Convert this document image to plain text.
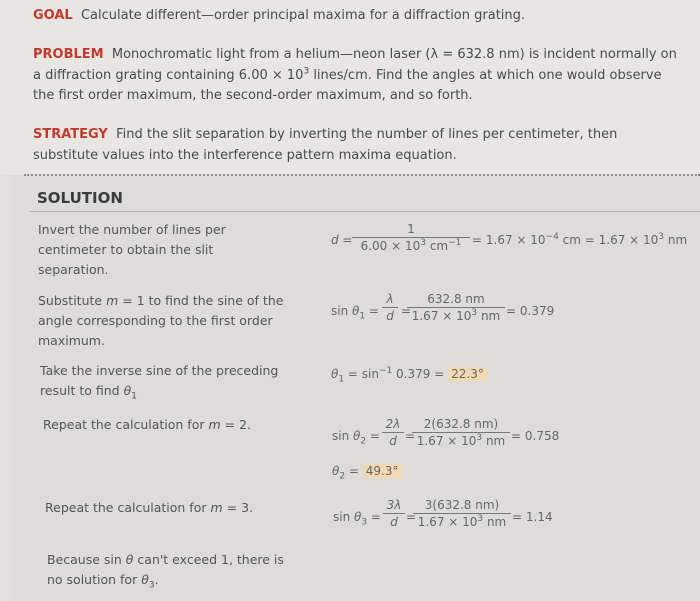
GOAL Calculate different—order principal maxima for a diffraction grating.

PROBLEM Monochromatic light from a helium—neon laser (λ = 632.8 nm) is incident normally on a diffraction grating containing $6.00 \times 10^3$ lines/cm. Find the angles at which one would observe the first order maximum, the second-order maximum, and so forth.

STRATEGY Find the slit separation by inverting the number of lines per centimeter, then substitute values into the interference pattern maxima equation.

SOLUTION
Invert the number of lines per centimeter to obtain the slit separation.
Substitute m = 1 to find the sine of the angle corresponding to the first order maximum.
Take the inverse sine of the preceding result to find $\theta_1$
Repeat the calculation for m = 2.
Repeat the calculation for m = 3.
Because sin θ can't exceed 1, there is no solution for $\theta_3$.
$d = \frac{1}{6.00 \times 10^3 cm^{-1}} = 1.67 \times 10^{-4}$ cm = $1.67 \times 10^3$ nm
$\sin \theta_1 = \frac{\lambda}{d}$ =
$\frac{632.8 nm}{1.67 \times 10^3 nm} = 0.379$
$\theta_1 = \sin^{-1} 0.379 = 22.3^\circ$
$\sin \theta_2 = \frac{2\lambda}{d}$ =
$\frac{2(632.8 nm)}{1.67 \times 10^3 nm} = 0.758$
$\theta_2 = 49.3^\circ$
$\sin \theta_3 = \frac{3\lambda}{d}$ =
$\frac{3(632.8 nm)}{1.67 \times 10^3 nm} = 1.14$
